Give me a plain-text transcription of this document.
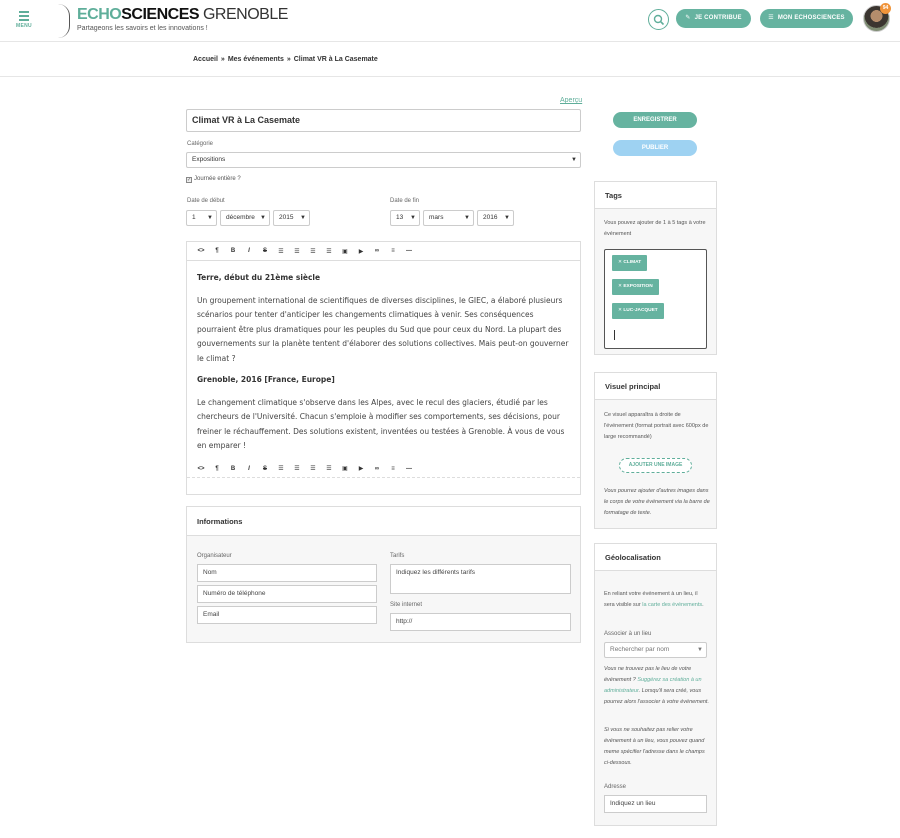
MENU
ECHOSCIENCES GRENOBLE
Partageons les savoirs et les innovations !
✎ JE CONTRIBUE	☰ MON ECHOSCIENCES
94
Accueil » Mes événements » Climat VR à La Casemate
Aperçu
Climat VR à La Casemate
Catégorie
Expositions	▼
✓ Journée entière ?
Date de début
1 ▼	décembre ▼	2015 ▼
Date de fin
13 ▼	mars	▼	2016 ▼
<>	¶	B	I	S	☰	☰	☰	☰	▣	▶	∞	≡	—
Terre, début du 21ème siècle

Un groupement international de scientifiques de diverses disciplines, le GIEC, a élaboré plusieurs scénarios pour tenter d'anticiper les changements climatiques à venir. Ses conséquences pourraient être plus dramatiques pour les peuples du Sud que pour ceux du Nord. La plupart des gouvernements sur la planète tentent d'élaborer des solutions collectives. Mais peut-on gouverner le climat ?

Grenoble, 2016 [France, Europe]

Le changement climatique s'observe dans les Alpes, avec le recul des glaciers, étudié par les chercheurs de l'Université. Chacun s'emploie à modifier ses comportements, ses décisions, pour freiner le réchauffement. Des solutions existent, inventées ou testées à Grenoble. À vous de vous en emparer !

<>	¶	B	I	S	☰	☰	☰	☰	▣	▶	∞	≡	—
Informations
Organisateur
Nom
Numéro de téléphone
Email
Tarifs
Indiquez les différents tarifs
Site internet
http://
ENREGISTRER
PUBLIER
Tags
Vous pouvez ajouter de 1 à 5 tags à votre événement
✕ CLIMAT
✕ EXPOSITION
✕ LUC-JACQUET
Visuel principal
Ce visuel apparaîtra à droite de l'événement (format portrait avec 600px de large recommandé)
AJOUTER UNE IMAGE
Vous pourrez ajouter d'autres images dans le corps de votre événement via la barre de formatage de texte.
Géolocalisation
En reliant votre événement à un lieu, il sera visible sur la carte des événements.
Associer à un lieu
Rechercher par nom	▼
Vous ne trouvez pas le lieu de votre événement ? Suggérez sa création à un administrateur. Lorsqu'il sera créé, vous pourrez alors l'associer à votre événement.
Si vous ne souhaitez pas relier votre événement à un lieu, vous pouvez quand meme spécifier l'adresse dans le champs ci-dessous.
Adresse
Indiquez un lieu
